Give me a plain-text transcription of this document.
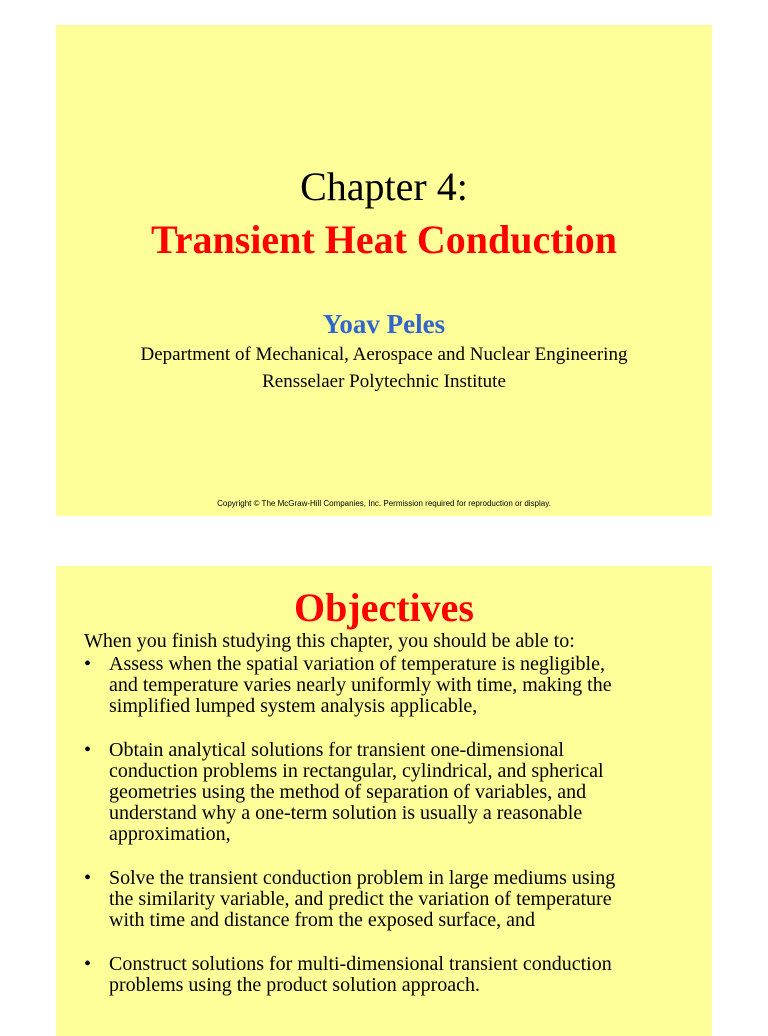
Chapter 4:
Transient Heat Conduction
Yoav Peles
Department of Mechanical, Aerospace and Nuclear Engineering
Rensselaer Polytechnic Institute
Copyright © The McGraw-Hill Companies, Inc. Permission required for reproduction or display.
Objectives
When you finish studying this chapter, you should be able to:
• Assess when the spatial variation of temperature is negligible,
and temperature varies nearly uniformly with time, making the
simplified lumped system analysis applicable,
• Obtain analytical solutions for transient one-dimensional
conduction problems in rectangular, cylindrical, and spherical
geometries using the method of separation of variables, and
understand why a one-term solution is usually a reasonable
approximation,
• Solve the transient conduction problem in large mediums using
the similarity variable, and predict the variation of temperature
with time and distance from the exposed surface, and
• Construct solutions for multi-dimensional transient conduction
problems using the product solution approach.
